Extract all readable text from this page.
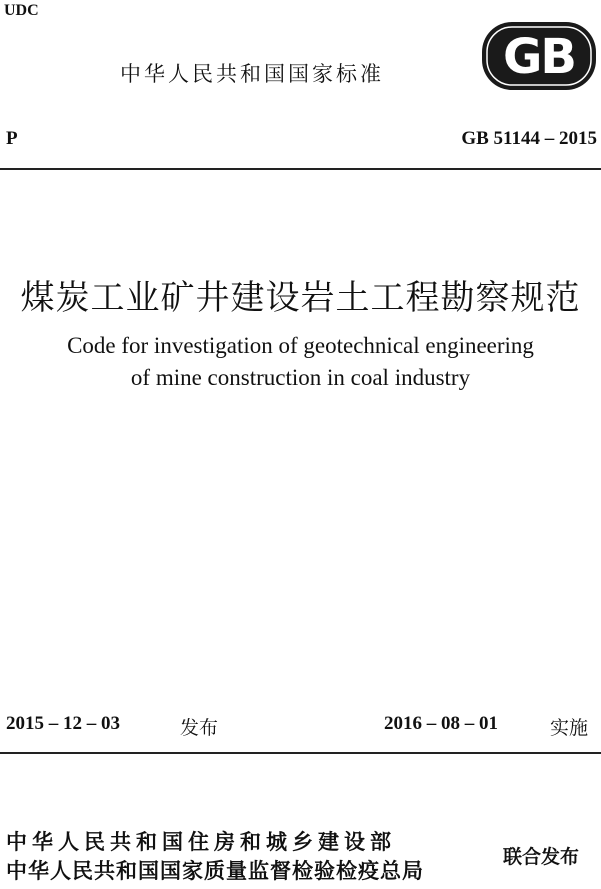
UDC
中华人民共和国国家标准 GB
P	GB 51144 – 2015
煤炭工业矿井建设岩土工程勘察规范
Code for investigation of geotechnical engineering
of mine construction in coal industry
2015 – 12 – 03	发布	2016 – 08 – 01	实施
中华人民共和国住房和城乡建设部
中华人民共和国国家质量监督检验检疫总局
联合发布
